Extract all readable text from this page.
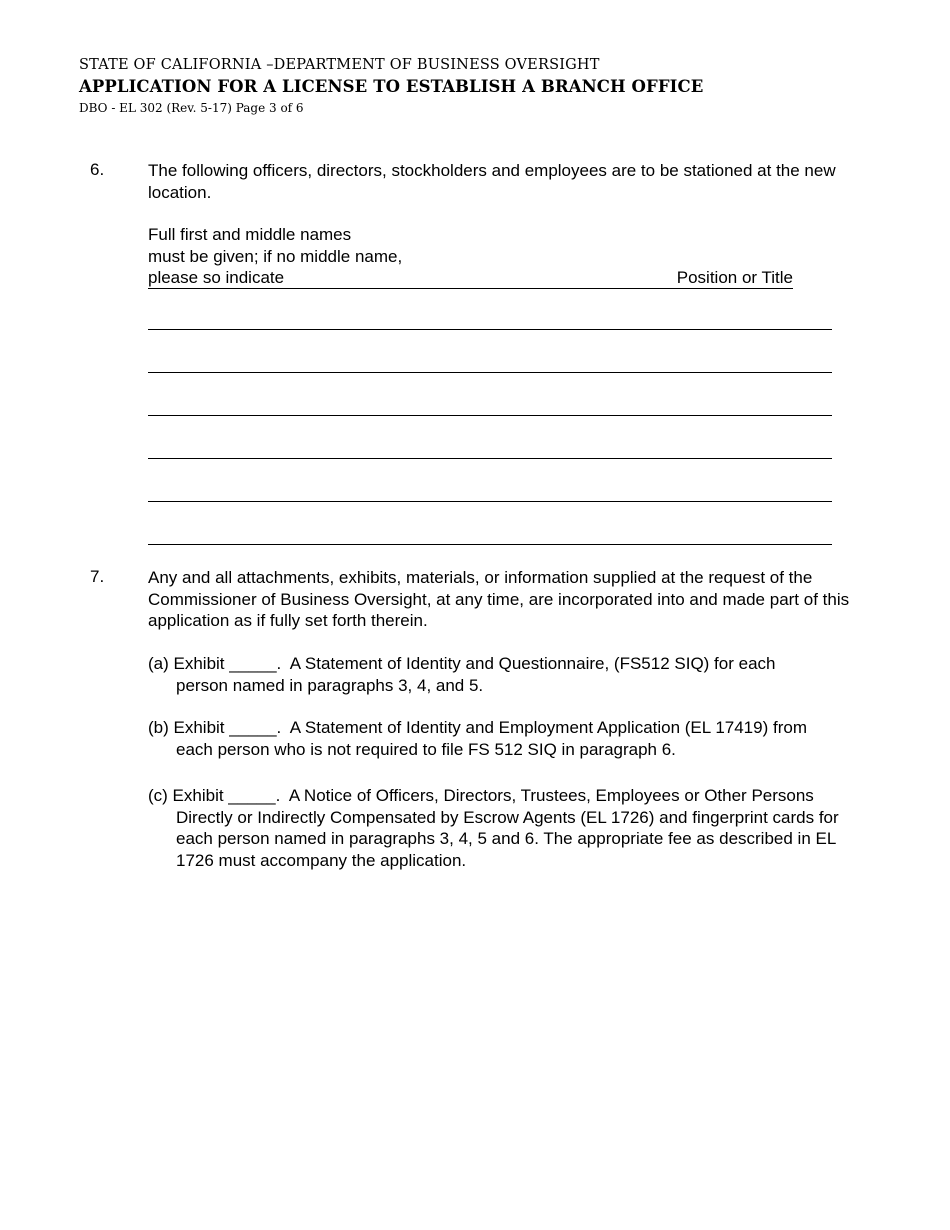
STATE OF CALIFORNIA –DEPARTMENT OF BUSINESS OVERSIGHT
APPLICATION FOR A LICENSE TO ESTABLISH A BRANCH OFFICE
DBO - EL 302 (Rev. 5-17) Page 3 of 6
6.	The following officers, directors, stockholders and employees are to be stationed at the new location.
Full first and middle names
must be given; if no middle name,
please so indicate	Position or Title
7.	Any and all attachments, exhibits, materials, or information supplied at the request of the Commissioner of Business Oversight, at any time, are incorporated into and made part of this application as if fully set forth therein.
(a) Exhibit _____. A Statement of Identity and Questionnaire, (FS512 SIQ) for each
person named in paragraphs 3, 4, and 5.
(b) Exhibit _____. A Statement of Identity and Employment Application (EL 17419) from
each person who is not required to file FS 512 SIQ in paragraph 6.
(c) Exhibit _____. A Notice of Officers, Directors, Trustees, Employees or Other Persons
Directly or Indirectly Compensated by Escrow Agents (EL 1726) and fingerprint cards for each person named in paragraphs 3, 4, 5 and 6. The appropriate fee as described in EL 1726 must accompany the application.
